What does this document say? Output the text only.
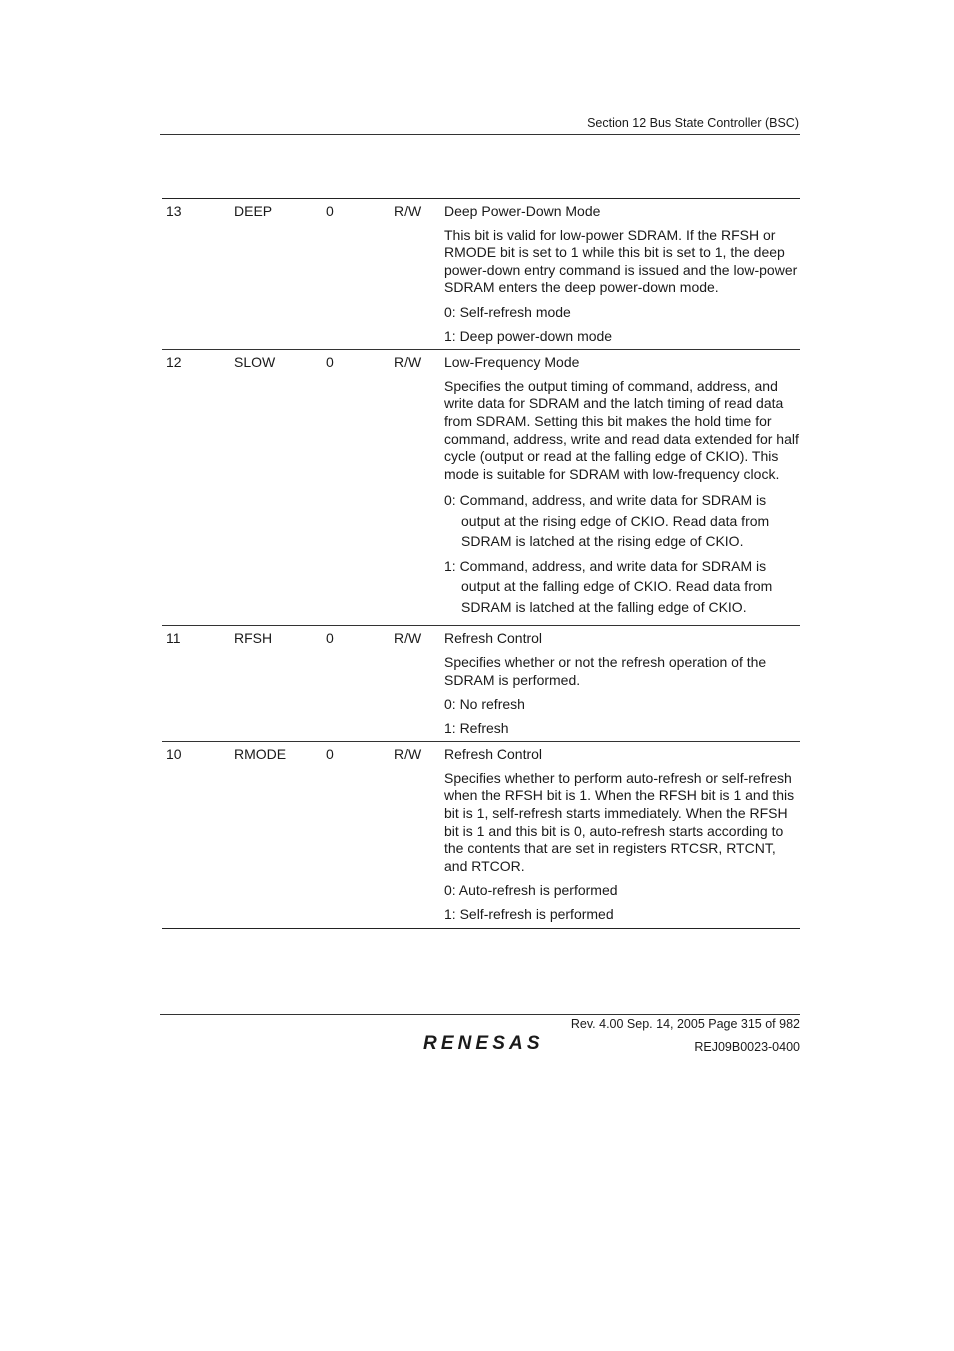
Section 12 Bus State Controller (BSC)
13	DEEP	0	R/W Deep Power-Down Mode
This bit is valid for low-power SDRAM. If the RFSH or RMODE bit is set to 1 while this bit is set to 1, the deep power-down entry command is issued and the low-power SDRAM enters the deep power-down mode.
0: Self-refresh mode
1: Deep power-down mode
12	SLOW	0	R/W Low-Frequency Mode
Specifies the output timing of command, address, and write data for SDRAM and the latch timing of read data from SDRAM. Setting this bit makes the hold time for command, address, write and read data extended for half cycle (output or read at the falling edge of CKIO). This mode is suitable for SDRAM with low-frequency clock.
0: Command, address, and write data for SDRAM is output at the rising edge of CKIO. Read data from SDRAM is latched at the rising edge of CKIO.
1: Command, address, and write data for SDRAM is output at the falling edge of CKIO. Read data from SDRAM is latched at the falling edge of CKIO.
11	RFSH	0	R/W Refresh Control
Specifies whether or not the refresh operation of the SDRAM is performed.
0: No refresh
1: Refresh
10	RMODE	0	R/W Refresh Control
Specifies whether to perform auto-refresh or self-refresh when the RFSH bit is 1. When the RFSH bit is 1 and this bit is 1, self-refresh starts immediately. When the RFSH bit is 1 and this bit is 0, auto-refresh starts according to the contents that are set in registers RTCSR, RTCNT, and RTCOR.
0: Auto-refresh is performed
1: Self-refresh is performed
Rev. 4.00 Sep. 14, 2005 Page 315 of 982
REJ09B0023-0400
RENESAS
